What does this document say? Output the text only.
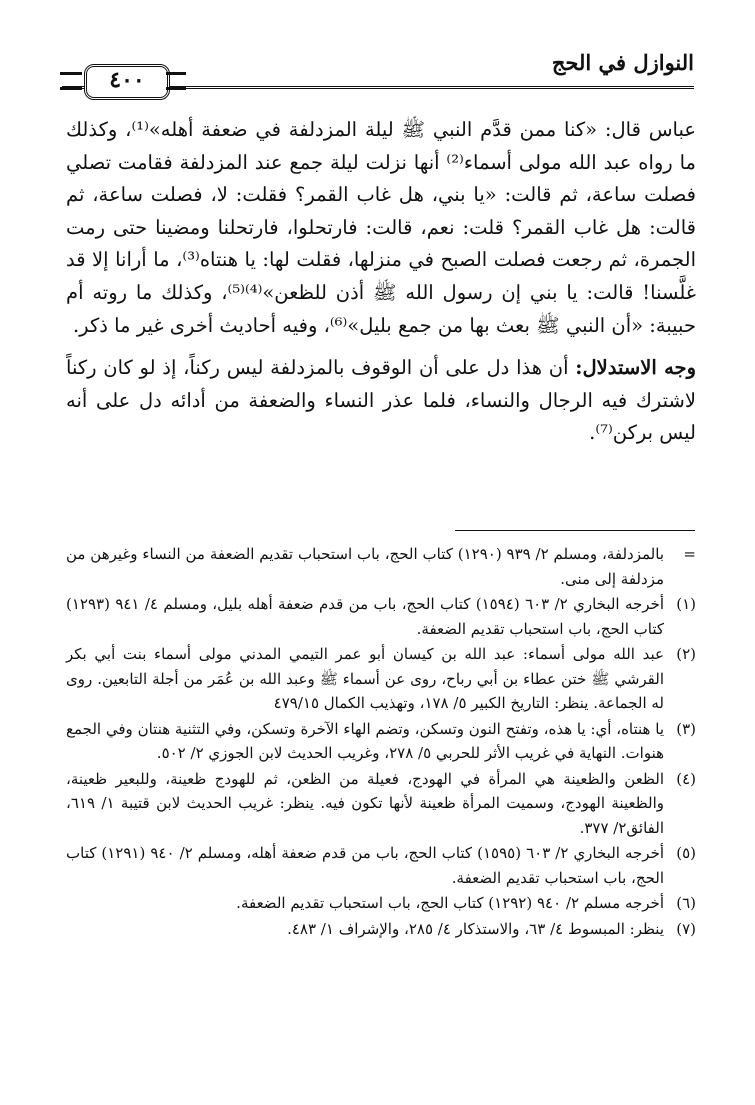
النوازل في الحج
٤٠٠

عباس قال: «كنا ممن قدَّم النبي ﷺ ليلة المزدلفة في ضعفة أهله»⁽¹⁾، وكذلك ما رواه عبد الله مولى أسماء⁽²⁾ أنها نزلت ليلة جمع عند المزدلفة فقامت تصلي فصلت ساعة، ثم قالت: «يا بني، هل غاب القمر؟ فقلت: لا، فصلت ساعة، ثم قالت: هل غاب القمر؟ قلت: نعم، قالت: فارتحلوا، فارتحلنا ومضينا حتى رمت الجمرة، ثم رجعت فصلت الصبح في منزلها، فقلت لها: يا هنتاه⁽³⁾، ما أرانا إلا قد غلَّسنا! قالت: يا بني إن رسول الله ﷺ أذن للظعن»⁽⁴⁾⁽⁵⁾، وكذلك ما روته أم حبيبة: «أن النبي ﷺ بعث بها من جمع بليل»⁽⁶⁾، وفيه أحاديث أخرى غير ما ذكر.

وجه الاستدلال: أن هذا دل على أن الوقوف بالمزدلفة ليس ركناً، إذ لو كان ركناً لاشترك فيه الرجال والنساء، فلما عذر النساء والضعفة من أدائه دل على أنه ليس بركن⁽⁷⁾.

=
بالمزدلفة، ومسلم ٢/ ٩٣٩ (١٢٩٠) كتاب الحج، باب استحباب تقديم الضعفة من النساء وغيرهن من مزدلفة إلى منى.
(١)
أخرجه البخاري ٢/ ٦٠٣ (١٥٩٤) كتاب الحج، باب من قدم ضعفة أهله بليل، ومسلم ٤/ ٩٤١ (١٢٩٣) كتاب الحج، باب استحباب تقديم الضعفة.
(٢)
عبد الله مولى أسماء: عبد الله بن كيسان أبو عمر التيمي المدني مولى أسماء بنت أبي بكر القرشي ﷺ ختن عطاء بن أبي رباح، روى عن أسماء ﷺ وعبد الله بن عُمَر من أجلة التابعين. روى له الجماعة. ينظر: التاريخ الكبير ٥/ ١٧٨، وتهذيب الكمال ٤٧٩/١٥
(٣)
يا هنتاه، أي: يا هذه، وتفتح النون وتسكن، وتضم الهاء الآخرة وتسكن، وفي التثنية هنتان وفي الجمع هنوات. النهاية في غريب الأثر للحربي ٥/ ٢٧٨، وغريب الحديث لابن الجوزي ٢/ ٥٠٢.
(٤)
الظعن والظعينة هي المرأة في الهودج، فعيلة من الظعن، ثم للهودج ظعينة، وللبعير ظعينة، والظعينة الهودج، وسميت المرأة ظعينة لأنها تكون فيه. ينظر: غريب الحديث لابن قتيبة ١/ ٦١٩، الفائق٢/ ٣٧٧.
(٥)
أخرجه البخاري ٢/ ٦٠٣ (١٥٩٥) كتاب الحج، باب من قدم ضعفة أهله، ومسلم ٢/ ٩٤٠ (١٢٩١) كتاب الحج، باب استحباب تقديم الضعفة.
(٦)
أخرجه مسلم ٢/ ٩٤٠ (١٢٩٢) كتاب الحج، باب استحباب تقديم الضعفة.
(٧)
ينظر: المبسوط ٤/ ٦٣، والاستذكار ٤/ ٢٨٥، والإشراف ١/ ٤٨٣.
